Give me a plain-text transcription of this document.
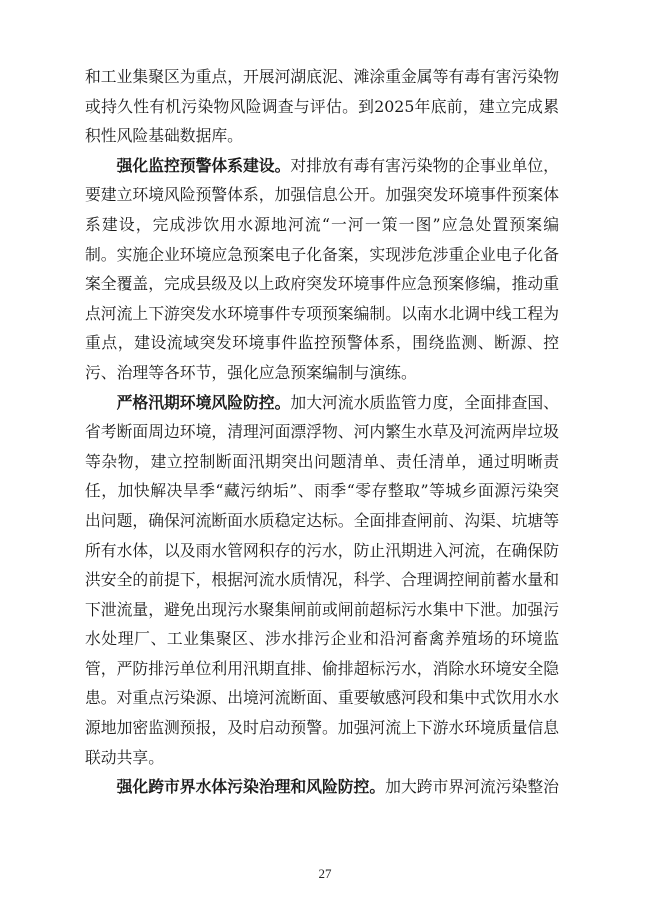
和工业集聚区为重点，开展河湖底泥、滩涂重金属等有毒有害污染物或持久性有机污染物风险调查与评估。到2025年底前，建立完成累积性风险基础数据库。

强化监控预警体系建设。对排放有毒有害污染物的企事业单位，要建立环境风险预警体系，加强信息公开。加强突发环境事件预案体系建设，完成涉饮用水源地河流“一河一策一图”应急处置预案编制。实施企业环境应急预案电子化备案，实现涉危涉重企业电子化备案全覆盖，完成县级及以上政府突发环境事件应急预案修编，推动重点河流上下游突发水环境事件专项预案编制。以南水北调中线工程为重点，建设流域突发环境事件监控预警体系，围绕监测、断源、控污、治理等各环节，强化应急预案编制与演练。

严格汛期环境风险防控。加大河流水质监管力度，全面排查国、省考断面周边环境，清理河面漂浮物、河内繁生水草及河流两岸垃圾等杂物，建立控制断面汛期突出问题清单、责任清单，通过明晰责任，加快解决旱季“藏污纳垢”、雨季“零存整取”等城乡面源污染突出问题，确保河流断面水质稳定达标。全面排查闸前、沟渠、坑塘等所有水体，以及雨水管网积存的污水，防止汛期进入河流，在确保防洪安全的前提下，根据河流水质情况，科学、合理调控闸前蓄水量和下泄流量，避免出现污水聚集闸前或闸前超标污水集中下泄。加强污水处理厂、工业集聚区、涉水排污企业和沿河畜禽养殖场的环境监管，严防排污单位利用汛期直排、偷排超标污水，消除水环境安全隐患。对重点污染源、出境河流断面、重要敏感河段和集中式饮用水水源地加密监测预报，及时启动预警。加强河流上下游水环境质量信息联动共享。

强化跨市界水体污染治理和风险防控。加大跨市界河流污染整治

27
